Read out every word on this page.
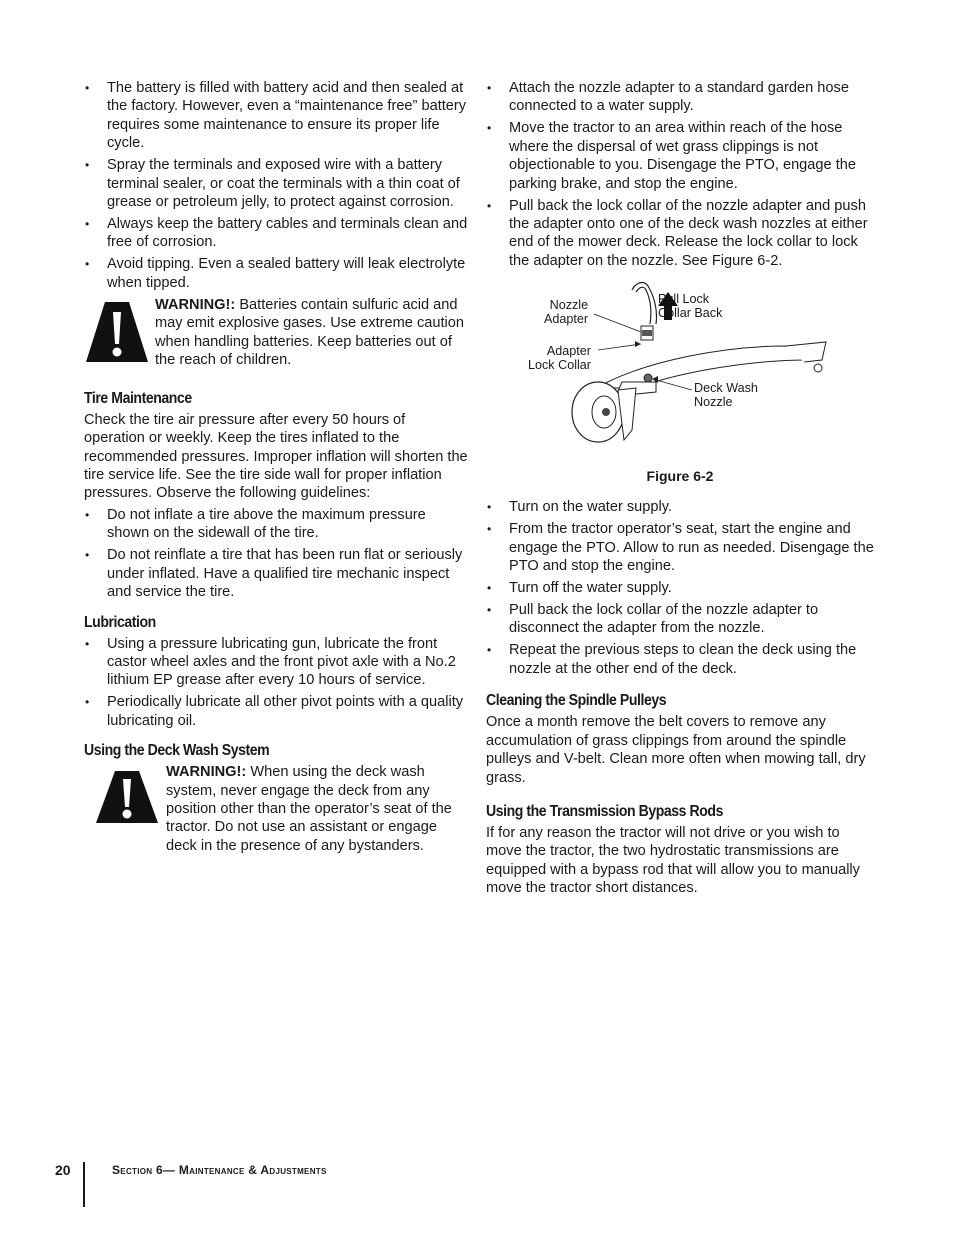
• The battery is filled with battery acid and then sealed at the factory. However, even a “maintenance free” battery requires some maintenance to ensure its proper life cycle.
• Spray the terminals and exposed wire with a battery terminal sealer, or coat the terminals with a thin coat of grease or petroleum jelly, to protect against corrosion.
• Always keep the battery cables and terminals clean and free of corrosion.
• Avoid tipping. Even a sealed battery will leak electrolyte when tipped.

WARNING!: Batteries contain sulfuric acid and may emit explosive gases. Use extreme caution when handling batteries. Keep batteries out of the reach of children.

Tire Maintenance

Check the tire air pressure after every 50 hours of operation or weekly. Keep the tires inflated to the recommended pressures. Improper inflation will shorten the tire service life. See the tire side wall for proper inflation pressures. Observe the following guidelines:

• Do not inflate a tire above the maximum pressure shown on the sidewall of the tire.
• Do not reinflate a tire that has been run flat or seriously under inflated. Have a qualified tire mechanic inspect and service the tire.
Lubrication
• Using a pressure lubricating gun, lubricate the front castor wheel axles and the front pivot axle with a No.2 lithium EP grease after every 10 hours of service.
• Periodically lubricate all other pivot points with a quality lubricating oil.
Using the Deck Wash System

WARNING!: When using the deck wash system, never engage the deck from any position other than the operator’s seat of the tractor. Do not use an assistant or engage deck in the presence of any bystanders.

• Attach the nozzle adapter to a standard garden hose connected to a water supply.
• Move the tractor to an area within reach of the hose where the dispersal of wet grass clippings is not objectionable to you. Disengage the PTO, engage the parking brake, and stop the engine.
• Pull back the lock collar of the nozzle adapter and push the adapter onto one of the deck wash nozzles at either end of the mower deck. Release the lock collar to lock the adapter on the nozzle. See Figure 6-2.
Nozzle
Adapter
Pull Lock
Collar Back
Adapter
Lock Collar
Deck Wash
Nozzle
Figure 6-2
• Turn on the water supply.
• From the tractor operator’s seat, start the engine and engage the PTO. Allow to run as needed. Disengage the PTO and stop the engine.
• Turn off the water supply.
• Pull back the lock collar of the nozzle adapter to disconnect the adapter from the nozzle.
• Repeat the previous steps to clean the deck using the nozzle at the other end of the deck.
Cleaning the Spindle Pulleys

Once a month remove the belt covers to remove any accumulation of grass clippings from around the spindle pulleys and V-belt. Clean more often when mowing tall, dry grass.

Using the Transmission Bypass Rods

If for any reason the tractor will not drive or you wish to move the tractor, the two hydrostatic transmissions are equipped with a bypass rod that will allow you to manually move the tractor short distances.

20	Section 6— Maintenance & Adjustments
